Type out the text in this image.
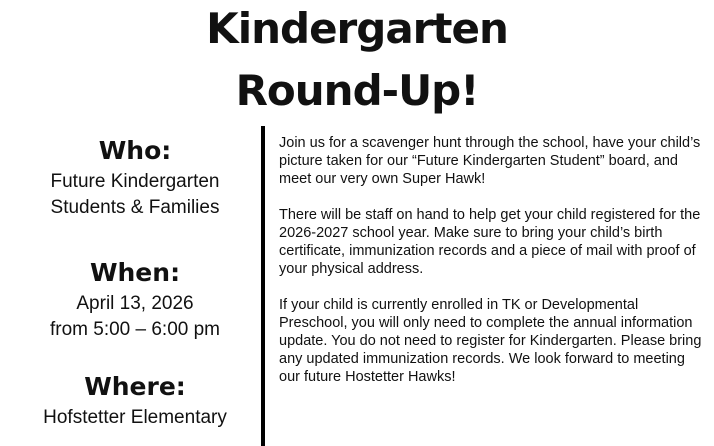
Kindergarten
Round-Up!

Who:

Future Kindergarten
Students & Families

When:

April 13, 2026
from 5:00 – 6:00 pm

Where:

Hofstetter Elementary

Join us for a scavenger hunt through the school, have your child’s picture taken for our “Future Kindergarten Student” board, and meet our very own Super Hawk!

There will be staff on hand to help get your child registered for the 2026-2027 school year. Make sure to bring your child’s birth certificate, immunization records and a piece of mail with proof of your physical address.

If your child is currently enrolled in TK or Developmental Preschool, you will only need to complete the annual information update. You do not need to register for Kindergarten. Please bring any updated immunization records. We look forward to meeting our future Hostetter Hawks!
